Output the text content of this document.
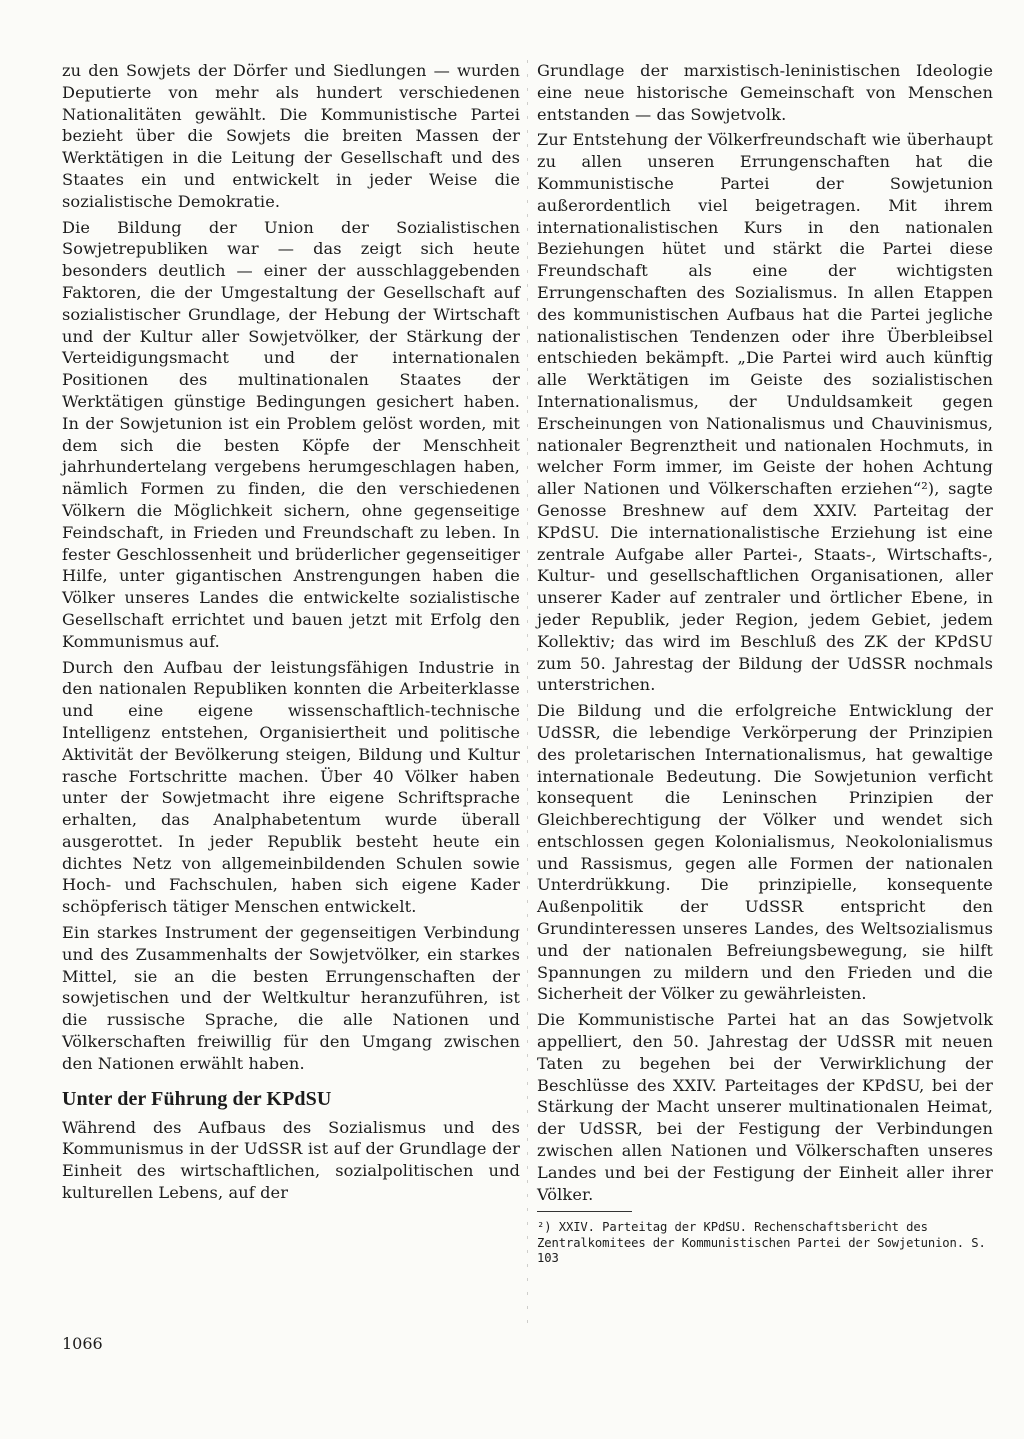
zu den Sowjets der Dörfer und Siedlungen — wurden Deputierte von mehr als hundert verschiedenen Nationalitäten gewählt. Die Kommunistische Partei bezieht über die Sowjets die breiten Massen der Werktätigen in die Leitung der Gesellschaft und des Staates ein und entwickelt in jeder Weise die sozialistische Demokratie.

Die Bildung der Union der Sozialistischen Sowjetrepubliken war — das zeigt sich heute besonders deutlich — einer der ausschlaggebenden Faktoren, die der Umgestaltung der Gesellschaft auf sozialistischer Grundlage, der Hebung der Wirtschaft und der Kultur aller Sowjetvölker, der Stärkung der Verteidigungsmacht und der internationalen Positionen des multinationalen Staates der Werktätigen günstige Bedingungen gesichert haben. In der Sowjetunion ist ein Problem gelöst worden, mit dem sich die besten Köpfe der Menschheit jahrhundertelang vergebens herumgeschlagen haben, nämlich Formen zu finden, die den verschiedenen Völkern die Möglichkeit sichern, ohne gegenseitige Feindschaft, in Frieden und Freundschaft zu leben. In fester Geschlossenheit und brüderlicher gegenseitiger Hilfe, unter gigantischen Anstrengungen haben die Völker unseres Landes die entwickelte sozialistische Gesellschaft errichtet und bauen jetzt mit Erfolg den Kommunismus auf.

Durch den Aufbau der leistungsfähigen Industrie in den nationalen Republiken konnten die Arbeiterklasse und eine eigene wissenschaftlich-technische Intelligenz entstehen, Organisiertheit und politische Aktivität der Bevölkerung steigen, Bildung und Kultur rasche Fortschritte machen. Über 40 Völker haben unter der Sowjetmacht ihre eigene Schriftsprache erhalten, das Analphabetentum wurde überall ausgerottet. In jeder Republik besteht heute ein dichtes Netz von allgemeinbildenden Schulen sowie Hoch- und Fachschulen, haben sich eigene Kader schöpferisch tätiger Menschen entwickelt.

Ein starkes Instrument der gegenseitigen Verbindung und des Zusammenhalts der Sowjetvölker, ein starkes Mittel, sie an die besten Errungenschaften der sowjetischen und der Weltkultur heranzuführen, ist die russische Sprache, die alle Nationen und Völkerschaften freiwillig für den Umgang zwischen den Nationen erwählt haben.

Unter der Führung der KPdSU

Während des Aufbaus des Sozialismus und des Kommunismus in der UdSSR ist auf der Grundlage der Einheit des wirtschaftlichen, sozialpolitischen und kulturellen Lebens, auf der

Grundlage der marxistisch-leninistischen Ideologie eine neue historische Gemeinschaft von Menschen entstanden — das Sowjetvolk.

Zur Entstehung der Völkerfreundschaft wie überhaupt zu allen unseren Errungenschaften hat die Kommunistische Partei der Sowjetunion außerordentlich viel beigetragen. Mit ihrem internationalistischen Kurs in den nationalen Beziehungen hütet und stärkt die Partei diese Freundschaft als eine der wichtigsten Errungenschaften des Sozialismus. In allen Etappen des kommunistischen Aufbaus hat die Partei jegliche nationalistischen Tendenzen oder ihre Überbleibsel entschieden bekämpft. „Die Partei wird auch künftig alle Werktätigen im Geiste des sozialistischen Internationalismus, der Unduldsamkeit gegen Erscheinungen von Nationalismus und Chauvinismus, nationaler Begrenztheit und nationalen Hochmuts, in welcher Form immer, im Geiste der hohen Achtung aller Nationen und Völkerschaften erziehen“²), sagte Genosse Breshnew auf dem XXIV. Parteitag der KPdSU. Die internationalistische Erziehung ist eine zentrale Aufgabe aller Partei-, Staats-, Wirtschafts-, Kultur- und gesellschaftlichen Organisationen, aller unserer Kader auf zentraler und örtlicher Ebene, in jeder Republik, jeder Region, jedem Gebiet, jedem Kollektiv; das wird im Beschluß des ZK der KPdSU zum 50. Jahrestag der Bildung der UdSSR nochmals unterstrichen.

Die Bildung und die erfolgreiche Entwicklung der UdSSR, die lebendige Verkörperung der Prinzipien des proletarischen Internationalismus, hat gewaltige internationale Bedeutung. Die Sowjetunion verficht konsequent die Leninschen Prinzipien der Gleichberechtigung der Völker und wendet sich entschlossen gegen Kolonialismus, Neokolonialismus und Rassismus, gegen alle Formen der nationalen Unterdrükkung. Die prinzipielle, konsequente Außenpolitik der UdSSR entspricht den Grundinteressen unseres Landes, des Weltsozialismus und der nationalen Befreiungsbewegung, sie hilft Spannungen zu mildern und den Frieden und die Sicherheit der Völker zu gewährleisten.

Die Kommunistische Partei hat an das Sowjetvolk appelliert, den 50. Jahrestag der UdSSR mit neuen Taten zu begehen bei der Verwirklichung der Beschlüsse des XXIV. Parteitages der KPdSU, bei der Stärkung der Macht unserer multinationalen Heimat, der UdSSR, bei der Festigung der Verbindungen zwischen allen Nationen und Völkerschaften unseres Landes und bei der Festigung der Einheit aller ihrer Völker.

²) XXIV. Parteitag der KPdSU. Rechenschaftsbericht des Zentralkomitees der Kommunistischen Partei der Sowjetunion. S. 103
1066
